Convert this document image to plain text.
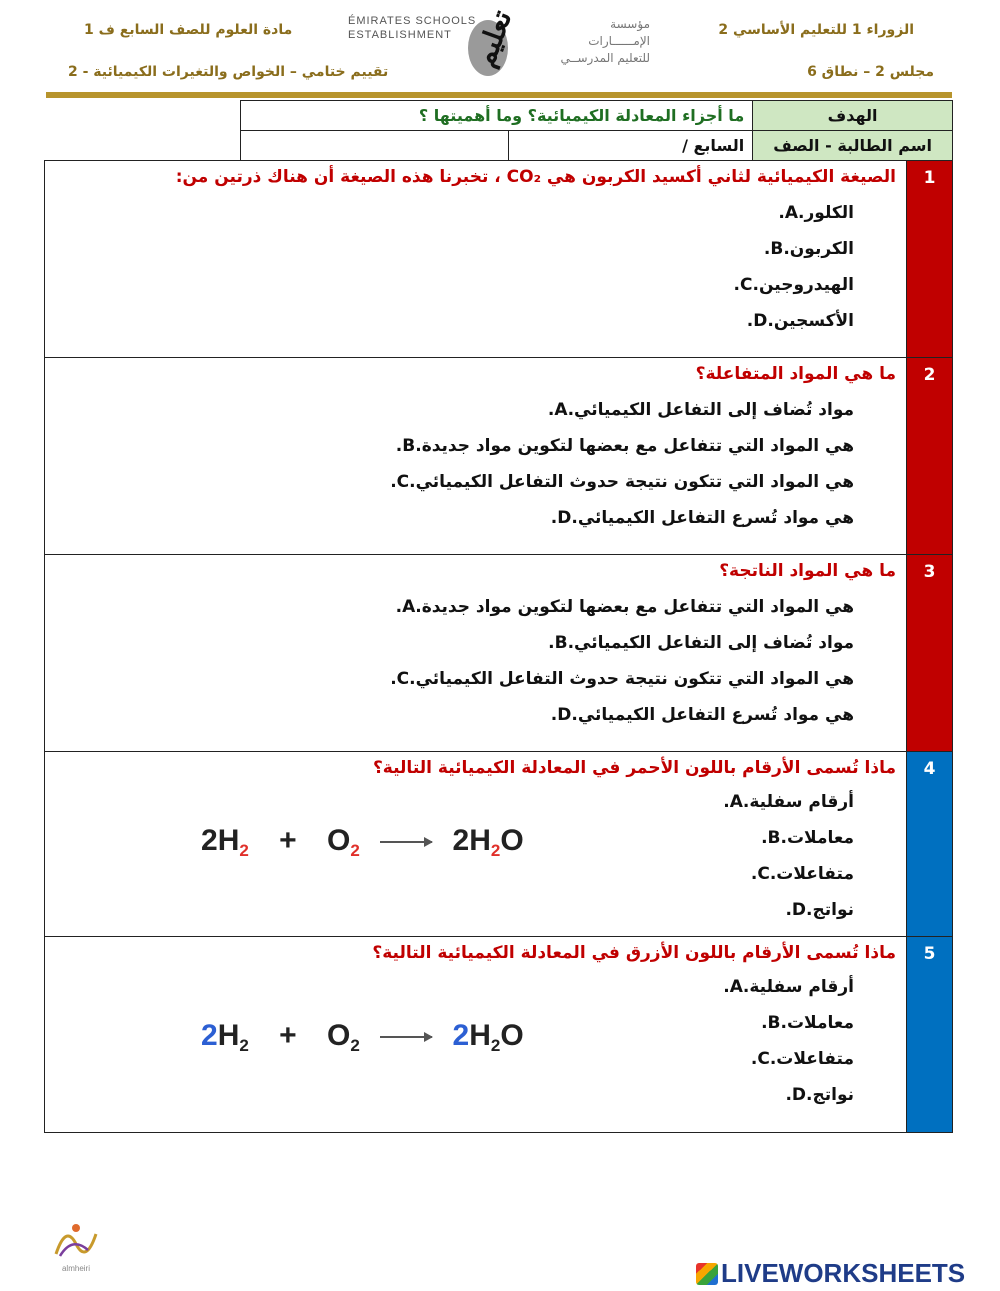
مادة العلوم للصف السابع ف 1
تقييم ختامي – الخواص والتغيرات الكيميائية - 2
الزوراء 1 للتعليم الأساسي 2
مجلس 2 – نطاق 6
ÉMIRATES SCHOOLS
ESTABLISHMENT تعليم	مؤسسة الإمــــــارات
للتعليم المدرســي
ما أجزاء المعادلة الكيميائية؟ وما أهميتها ؟		الهدف
	السابع /	اسم الطالبة - الصف
1
الصيغة الكيميائية لثاني أكسيد الكربون هي CO₂ ، تخبرنا هذه الصيغة أن هناك ذرتين من:
الكلور.A.
الكربون.B.
الهيدروجين.C.
الأكسجين.D.
2
ما هي المواد المتفاعلة؟
مواد تُضاف إلى التفاعل الكيميائي.A.
هي المواد التي تتفاعل مع بعضها لتكوين مواد جديدة.B.
هي المواد التي تتكون نتيجة حدوث التفاعل الكيميائي.C.
هي مواد تُسرع التفاعل الكيميائي.D.
3
ما هي المواد الناتجة؟
هي المواد التي تتفاعل مع بعضها لتكوين مواد جديدة.A.
مواد تُضاف إلى التفاعل الكيميائي.B.
هي المواد التي تتكون نتيجة حدوث التفاعل الكيميائي.C.
هي مواد تُسرع التفاعل الكيميائي.D.
4
ماذا تُسمى الأرقام باللون الأحمر في المعادلة الكيميائية التالية؟
أرقام سفلية.A.
معاملات.B.
متفاعلات.C.
نواتج.D.
$2H_2 + O_2 \to 2H_2O$
5
ماذا تُسمى الأرقام باللون الأزرق في المعادلة الكيميائية التالية؟
أرقام سفلية.A.
معاملات.B.
متفاعلات.C.
نواتج.D.
$2H_2 + O_2 \to 2H_2O$
almheiri	LIVEWORKSHEETS
